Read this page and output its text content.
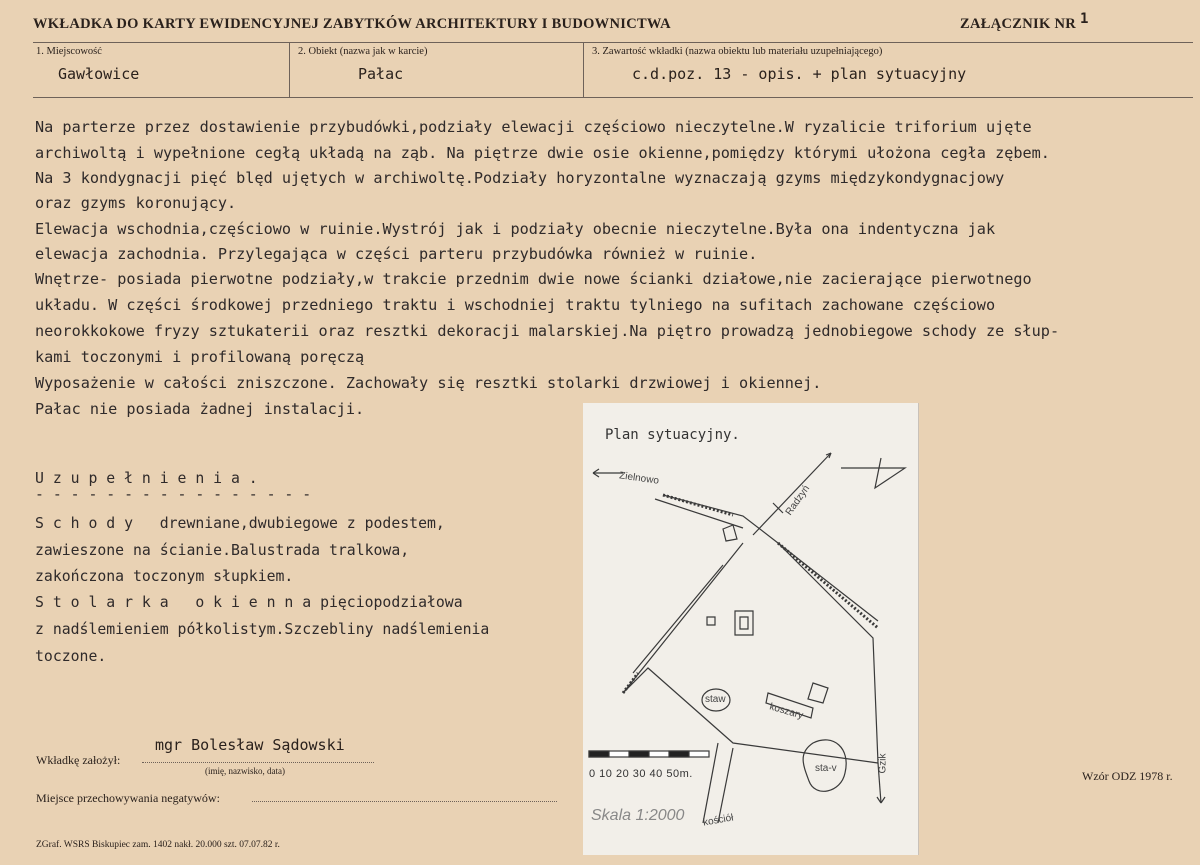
WKŁADKA DO KARTY EWIDENCYJNEJ ZABYTKÓW ARCHITEKTURY I BUDOWNICTWA	ZAŁĄCZNIK NR 1
1. Miejscowość
Gawłowice
2. Obiekt (nazwa jak w karcie)
Pałac
3. Zawartość wkładki (nazwa obiektu lub materiału uzupełniającego)
c.d.poz. 13 - opis. + plan sytuacyjny
Na parterze przez dostawienie przybudówki,podziały elewacji częściowo nieczytelne.W ryzalicie triforium ujęte
archiwoltą i wypełnione cegłą układą na ząb. Na piętrze dwie osie okienne,pomiędzy którymi ułożona cegła zębem.
Na 3 kondygnacji pięć blęd ujętych w archiwoltę.Podziały horyzontalne wyznaczają gzyms międzykondygnacjowy
oraz gzyms koronujący.
Elewacja wschodnia,częściowo w ruinie.Wystrój jak i podziały obecnie nieczytelne.Była ona indentyczna jak
elewacja zachodnia. Przylegająca w części parteru przybudówka również w ruinie.
Wnętrze- posiada pierwotne podziały,w trakcie przednim dwie nowe ścianki działowe,nie zacierające pierwotnego
układu. W części środkowej przedniego traktu i wschodniej traktu tylniego na sufitach zachowane częściowo
neorokkokowe fryzy sztukaterii oraz resztki dekoracji malarskiej.Na piętro prowadzą jednobiegowe schody ze słup-
kami toczonymi i profilowaną poręczą
Wyposażenie w całości zniszczone. Zachowały się resztki stolarki drzwiowej i okiennej.
Pałac nie posiada żadnej instalacji.
U z u p e ł n i e n i a .
- - - - - - - - - - - - - - - -
S c h o d y   drewniane,dwubiegowe z podestem,
zawieszone na ścianie.Balustrada tralkowa,
zakończona toczonym słupkiem.
S t o l a r k a   o k i e n n a pięciopodziałowa
z nadślemieniem półkolistym.Szczebliny nadślemienia
toczone.
Wkładkę założył:
mgr Bolesław Sądowski
(imię, nazwisko, data)
Miejsce przechowywania negatywów:
Wzór ODZ 1978 r.
ZGraf. WSRS Biskupiec zam. 1402 nakł. 20.000 szt. 07.07.82 r.
Plan sytuacyjny.
0 10 20 30 40 50m.
Skala 1:2000
Zielnowo
Radzyń
Gzik
staw
sta-v
koszary
kościół
